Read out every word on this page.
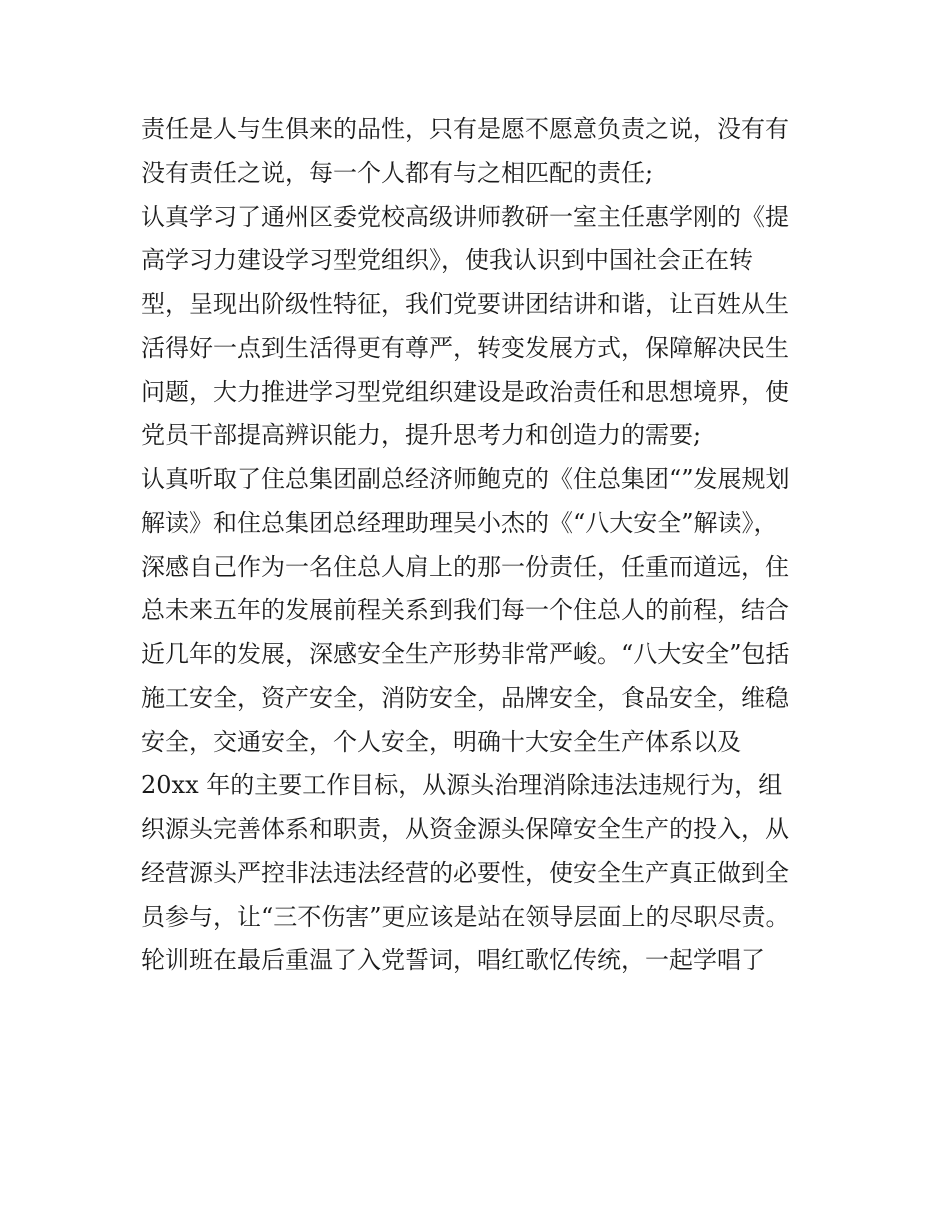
责任是人与生俱来的品性，只有是愿不愿意负责之说，没有有
没有责任之说，每一个人都有与之相匹配的责任;
认真学习了通州区委党校高级讲师教研一室主任惠学刚的《提
高学习力建设学习型党组织》，使我认识到中国社会正在转
型，呈现出阶级性特征，我们党要讲团结讲和谐，让百姓从生
活得好一点到生活得更有尊严，转变发展方式，保障解决民生
问题，大力推进学习型党组织建设是政治责任和思想境界，使
党员干部提高辨识能力，提升思考力和创造力的需要;
认真听取了住总集团副总经济师鲍克的《住总集团“”发展规划
解读》和住总集团总经理助理吴小杰的《“八大安全”解读》，
深感自己作为一名住总人肩上的那一份责任，任重而道远，住
总未来五年的发展前程关系到我们每一个住总人的前程，结合
近几年的发展，深感安全生产形势非常严峻。“八大安全”包括
施工安全，资产安全，消防安全，品牌安全，食品安全，维稳
安全，交通安全，个人安全，明确十大安全生产体系以及
20xx 年的主要工作目标，从源头治理消除违法违规行为，组
织源头完善体系和职责，从资金源头保障安全生产的投入，从
经营源头严控非法违法经营的必要性，使安全生产真正做到全
员参与，让“三不伤害”更应该是站在领导层面上的尽职尽责。
轮训班在最后重温了入党誓词，唱红歌忆传统，一起学唱了
